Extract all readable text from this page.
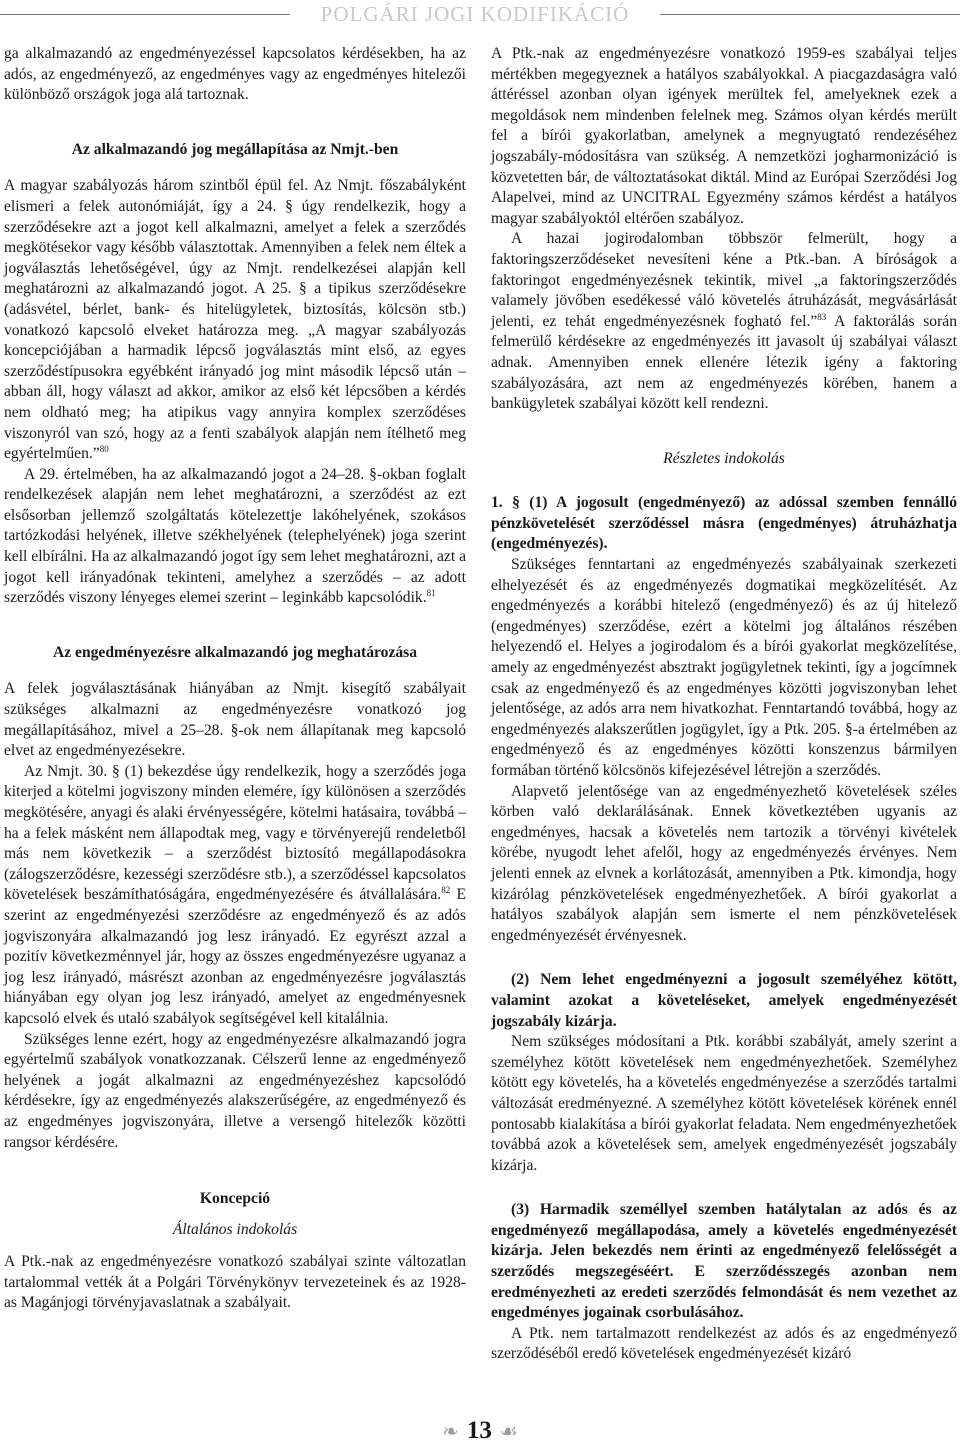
POLGÁRI JOGI KODIFIKÁCIÓ

ga alkalmazandó az engedményezéssel kapcsolatos kérdésekben, ha az adós, az engedményező, az engedményes vagy az engedményes hitelezői különböző országok joga alá tartoznak.

Az alkalmazandó jog megállapítása az Nmjt.-ben

A magyar szabályozás három szintből épül fel. Az Nmjt. főszabályként elismeri a felek autonómiáját, így a 24. § úgy rendelkezik, hogy a szerződésekre azt a jogot kell alkalmazni, amelyet a felek a szerződés megkötésekor vagy később választottak. Amennyiben a felek nem éltek a jogválasztás lehetőségével, úgy az Nmjt. rendelkezései alapján kell meghatározni az alkalmazandó jogot. A 25. § a tipikus szerződésekre (adásvétel, bérlet, bank- és hitelügyletek, biztosítás, kölcsön stb.) vonatkozó kapcsoló elveket határozza meg. „A magyar szabályozás koncepciójában a harmadik lépcső jogválasztás mint első, az egyes szerződéstípusokra egyébként irányadó jog mint második lépcső után – abban áll, hogy választ ad akkor, amikor az első két lépcsőben a kérdés nem oldható meg; ha atipikus vagy annyira komplex szerződéses viszonyról van szó, hogy az a fenti szabályok alapján nem ítélhető meg egyértelműen.”$^{80}$

A 29. értelmében, ha az alkalmazandó jogot a 24–28. §-okban foglalt rendelkezések alapján nem lehet meghatározni, a szerződést az ezt elsősorban jellemző szolgáltatás kötelezettje lakóhelyének, szokásos tartózkodási helyének, illetve székhelyének (telephelyének) joga szerint kell elbírálni. Ha az alkalmazandó jogot így sem lehet meghatározni, azt a jogot kell irányadónak tekinteni, amelyhez a szerződés – az adott szerződés viszony lényeges elemei szerint – leginkább kapcsolódik.$^{81}$

Az engedményezésre alkalmazandó jog meghatározása

A felek jogválasztásának hiányában az Nmjt. kisegítő szabályait szükséges alkalmazni az engedményezésre vonatkozó jog megállapításához, mivel a 25–28. §-ok nem állapítanak meg kapcsoló elvet az engedményezésekre.

Az Nmjt. 30. § (1) bekezdése úgy rendelkezik, hogy a szerződés joga kiterjed a kötelmi jogviszony minden elemére, így különösen a szerződés megkötésére, anyagi és alaki érvényességére, kötelmi hatásaira, továbbá – ha a felek másként nem állapodtak meg, vagy e törvényerejű rendeletből más nem következik – a szerződést biztosító megállapodásokra (zálogszerződésre, kezességi szerződésre stb.), a szerződéssel kapcsolatos követelések beszámíthatóságára, engedményezésére és átvállalására.$^{82}$ E szerint az engedményezési szerződésre az engedményező és az adós jogviszonyára alkalmazandó jog lesz irányadó. Ez egyrészt azzal a pozitív következménnyel jár, hogy az összes engedményezésre ugyanaz a jog lesz irányadó, másrészt azonban az engedményezésre jogválasztás hiányában egy olyan jog lesz irányadó, amelyet az engedményesnek kapcsoló elvek és utaló szabályok segítségével kell kitalálnia.

Szükséges lenne ezért, hogy az engedményezésre alkalmazandó jogra egyértelmű szabályok vonatkozzanak. Célszerű lenne az engedményező helyének a jogát alkalmazni az engedményezéshez kapcsolódó kérdésekre, így az engedményezés alakszerűségére, az engedményező és az engedményes jogviszonyára, illetve a versengő hitelezők közötti rangsor kérdésére.

Koncepció

Általános indokolás

A Ptk.-nak az engedményezésre vonatkozó szabályai szinte változatlan tartalommal vették át a Polgári Törvénykönyv tervezeteinek és az 1928-as Magánjogi törvényjavaslatnak a szabályait.

A Ptk.-nak az engedményezésre vonatkozó 1959-es szabályai teljes mértékben megegyeznek a hatályos szabályokkal. A piacgazdaságra való áttéréssel azonban olyan igények merültek fel, amelyeknek ezek a megoldások nem mindenben felelnek meg. Számos olyan kérdés merült fel a bírói gyakorlatban, amelynek a megnyugtató rendezéséhez jogszabály-módosításra van szükség. A nemzetközi jogharmonizáció is közvetetten bár, de változtatásokat diktál. Mind az Európai Szerződési Jog Alapelvei, mind az UNCITRAL Egyezmény számos kérdést a hatályos magyar szabályoktól eltérően szabályoz.

A hazai jogirodalomban többször felmerült, hogy a faktoringszerződéseket nevesíteni kéne a Ptk.-ban. A bíróságok a faktoringot engedményezésnek tekintik, mivel „a faktoringszerződés valamely jövőben esedékessé váló követelés átruházását, megvásárlását jelenti, ez tehát engedményezésnek fogható fel.”$^{83}$ A faktorálás során felmerülő kérdésekre az engedményezés itt javasolt új szabályai választ adnak. Amennyiben ennek ellenére létezik igény a faktoring szabályozására, azt nem az engedményezés körében, hanem a bankügyletek szabályai között kell rendezni.

Részletes indokolás

1. § (1) A jogosult (engedményező) az adóssal szemben fennálló pénzkövetelését szerződéssel másra (engedményes) átruházhatja (engedményezés).

Szükséges fenntartani az engedményezés szabályainak szerkezeti elhelyezését és az engedményezés dogmatikai megközelítését. Az engedményezés a korábbi hitelező (engedményező) és az új hitelező (engedményes) szerződése, ezért a kötelmi jog általános részében helyezendő el. Helyes a jogirodalom és a bírói gyakorlat megközelítése, amely az engedményezést absztrakt jogügyletnek tekinti, így a jogcímnek csak az engedményező és az engedményes közötti jogviszonyban lehet jelentősége, az adós arra nem hivatkozhat. Fenntartandó továbbá, hogy az engedményezés alakszerűtlen jogügylet, így a Ptk. 205. §-a értelmében az engedményező és az engedményes közötti konszenzus bármilyen formában történő kölcsönös kifejezésével létrejön a szerződés.

Alapvető jelentősége van az engedményezhető követelések széles körben való deklarálásának. Ennek következtében ugyanis az engedményes, hacsak a követelés nem tartozik a törvényi kivételek körébe, nyugodt lehet afelől, hogy az engedményezés érvényes. Nem jelenti ennek az elvnek a korlátozását, amennyiben a Ptk. kimondja, hogy kizárólag pénzkövetelések engedményezhetőek. A bírói gyakorlat a hatályos szabályok alapján sem ismerte el nem pénzkövetelések engedményezését érvényesnek.

(2) Nem lehet engedményezni a jogosult személyéhez kötött, valamint azokat a követeléseket, amelyek engedményezését jogszabály kizárja.

Nem szükséges módosítani a Ptk. korábbi szabályát, amely szerint a személyhez kötött követelések nem engedményezhetőek. Személyhez kötött egy követelés, ha a követelés engedményezése a szerződés tartalmi változását eredményezné. A személyhez kötött követelések körének ennél pontosabb kialakítása a bírói gyakorlat feladata. Nem engedményezhetőek továbbá azok a követelések sem, amelyek engedményezését jogszabály kizárja.

(3) Harmadik személlyel szemben hatálytalan az adós és az engedményező megállapodása, amely a követelés engedményezését kizárja. Jelen bekezdés nem érinti az engedményező felelősségét a szerződés megszegéséért. E szerződésszegés azonban nem eredményezheti az eredeti szerződés felmondását és nem vezethet az engedményes jogainak csorbulásához.

A Ptk. nem tartalmazott rendelkezést az adós és az engedményező szerződéséből eredő követelések engedményezését kizáró

❧ 13 ☙
